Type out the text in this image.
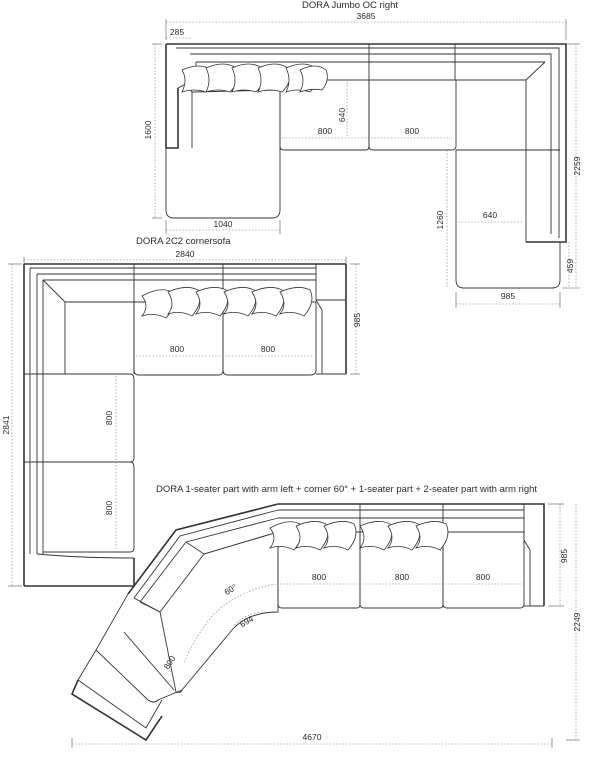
DORA Jumbo OC right
3685
285
800	800
640
1600
1040
2259
459
1260	640
985
DORA 2C2 cornersofa
2840
800	800
800
800
985
2841
DORA 1-seater part with arm left + corner 60° + 1-seater part + 2-seater part with arm right
800	800	800
60°
694
800
985
2249
4670
